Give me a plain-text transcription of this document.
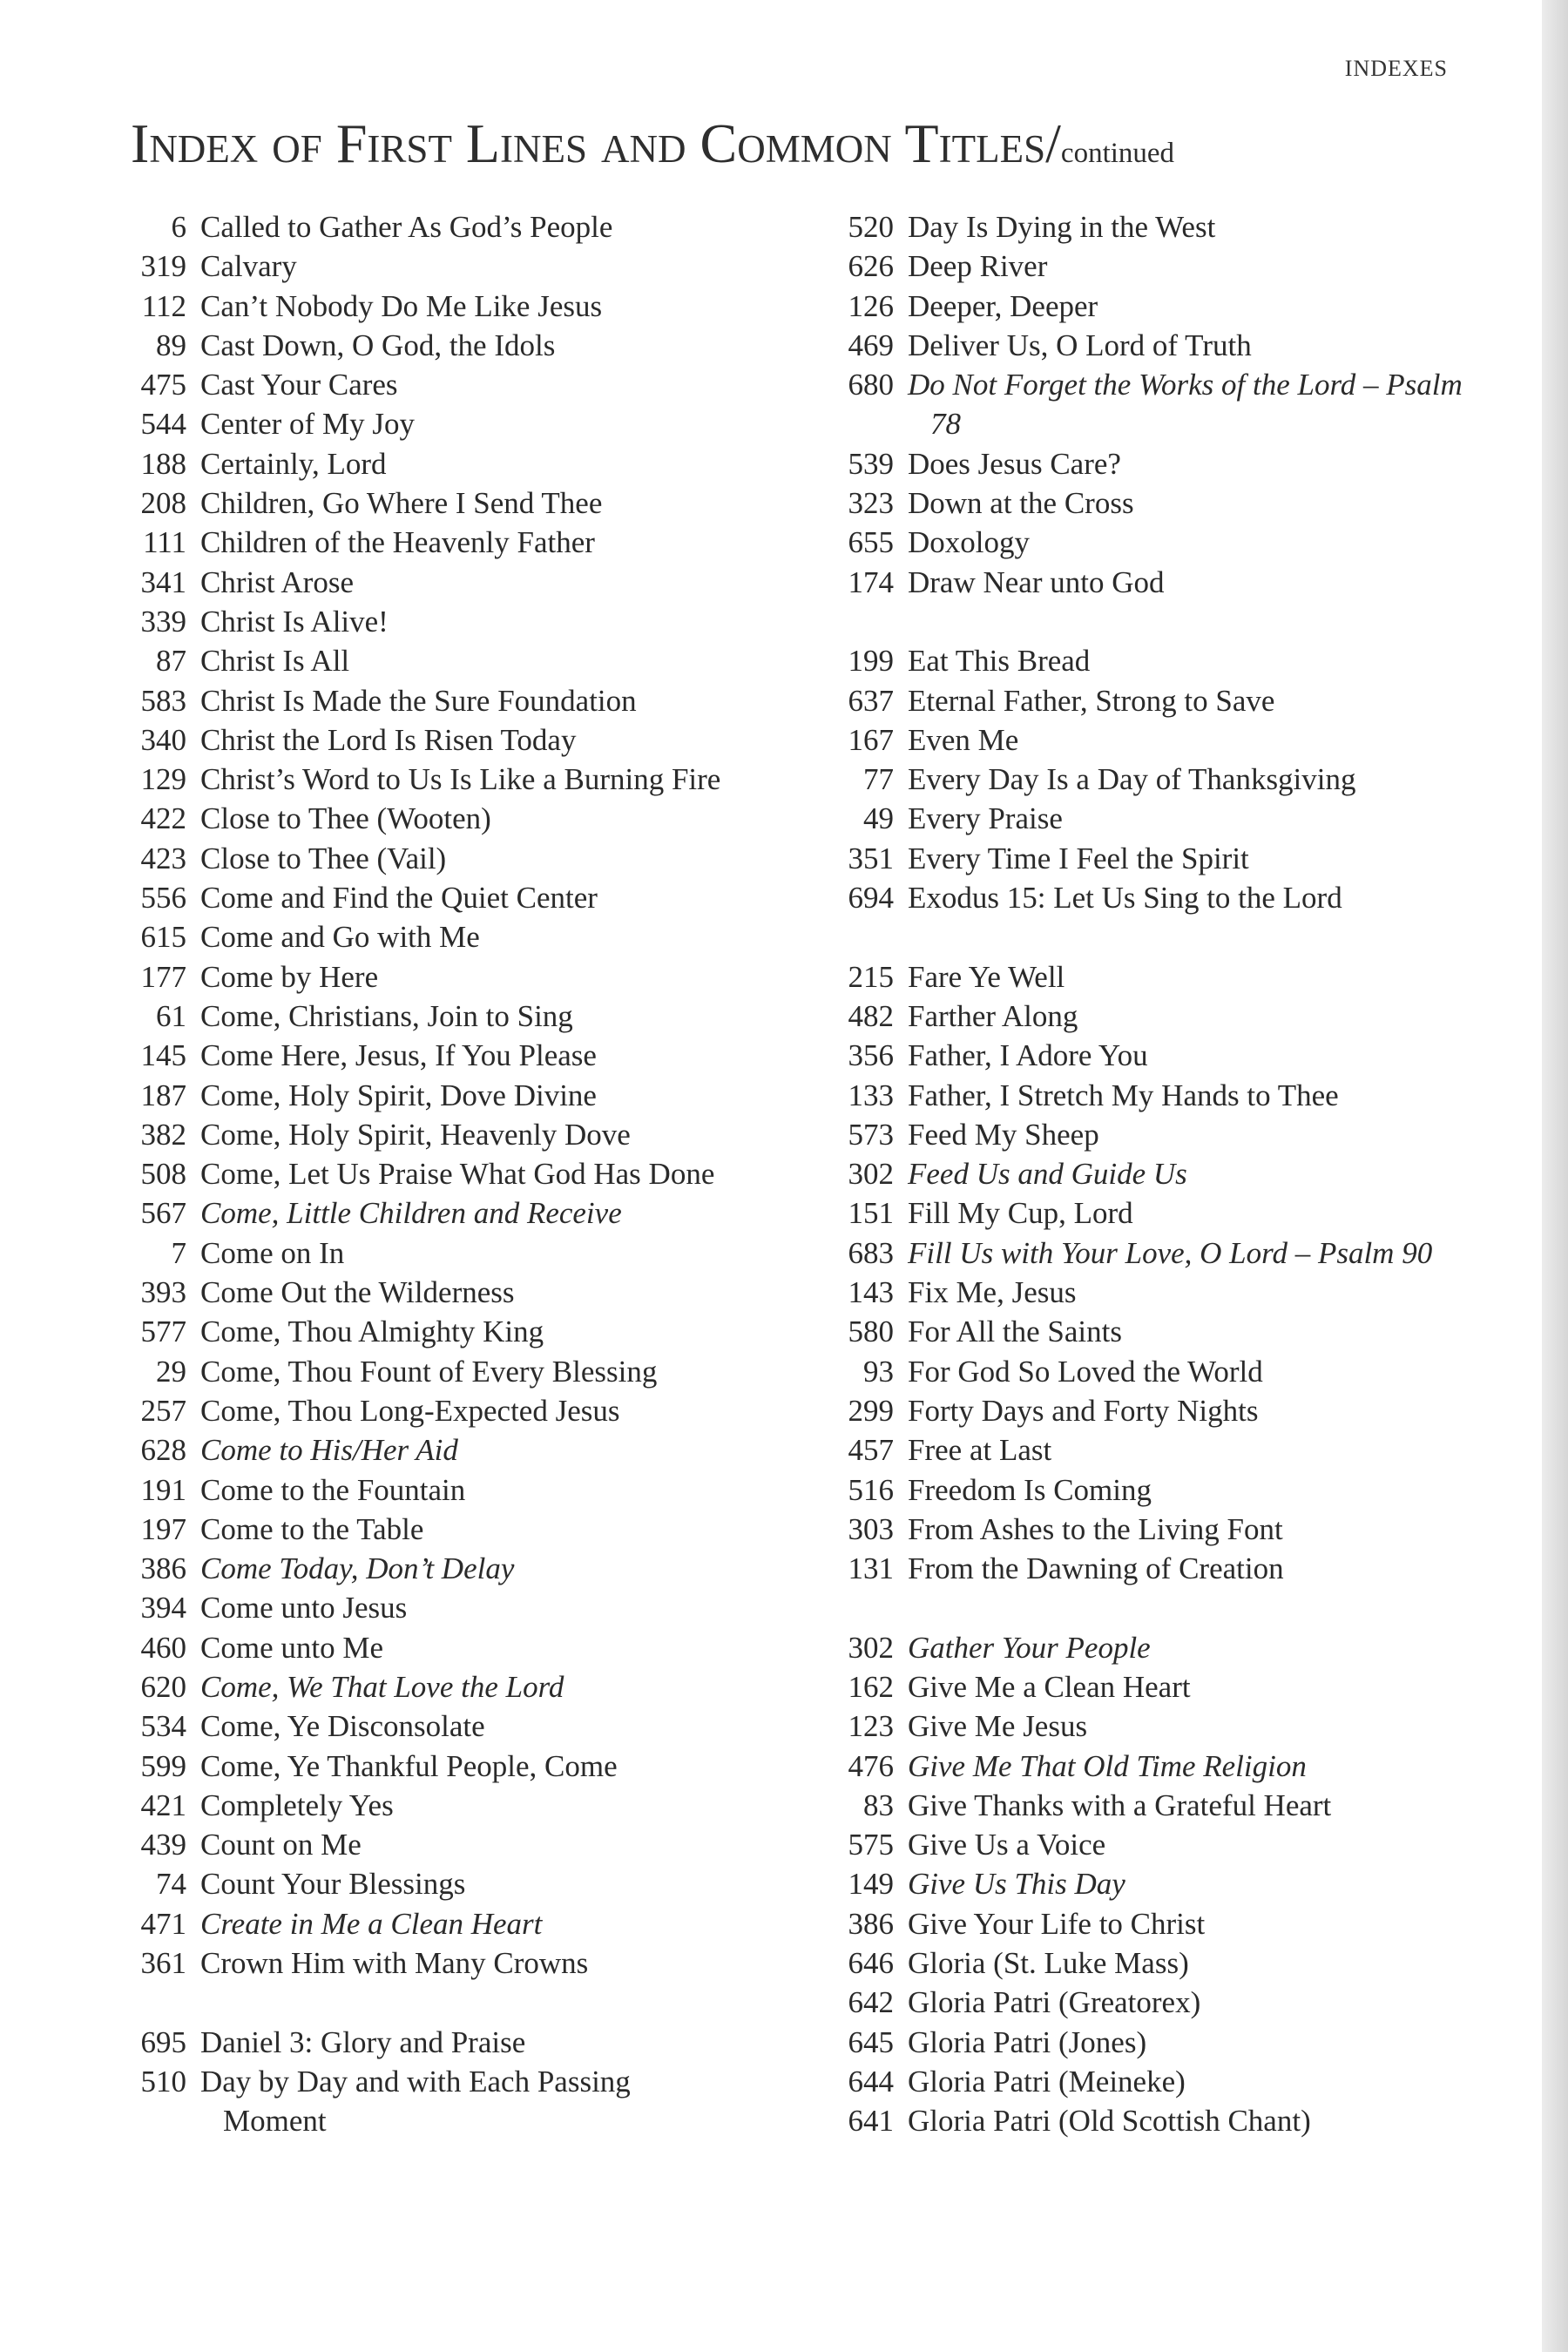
INDEXES
Index of First Lines and Common Titles/continued
6 Called to Gather As God’s People
319 Calvary
112 Can’t Nobody Do Me Like Jesus
89 Cast Down, O God, the Idols
475 Cast Your Cares
544 Center of My Joy
188 Certainly, Lord
208 Children, Go Where I Send Thee
111 Children of the Heavenly Father
341 Christ Arose
339 Christ Is Alive!
87 Christ Is All
583 Christ Is Made the Sure Foundation
340 Christ the Lord Is Risen Today
129 Christ’s Word to Us Is Like a Burning Fire
422 Close to Thee (Wooten)
423 Close to Thee (Vail)
556 Come and Find the Quiet Center
615 Come and Go with Me
177 Come by Here
61 Come, Christians, Join to Sing
145 Come Here, Jesus, If You Please
187 Come, Holy Spirit, Dove Divine
382 Come, Holy Spirit, Heavenly Dove
508 Come, Let Us Praise What God Has Done
567 Come, Little Children and Receive
7 Come on In
393 Come Out the Wilderness
577 Come, Thou Almighty King
29 Come, Thou Fount of Every Blessing
257 Come, Thou Long-Expected Jesus
628 Come to His/Her Aid
191 Come to the Fountain
197 Come to the Table
386 Come Today, Don’t Delay
394 Come unto Jesus
460 Come unto Me
620 Come, We That Love the Lord
534 Come, Ye Disconsolate
599 Come, Ye Thankful People, Come
421 Completely Yes
439 Count on Me
74 Count Your Blessings
471 Create in Me a Clean Heart
361 Crown Him with Many Crowns
695 Daniel 3: Glory and Praise
510 Day by Day and with Each Passing Moment
520 Day Is Dying in the West
626 Deep River
126 Deeper, Deeper
469 Deliver Us, O Lord of Truth
680 Do Not Forget the Works of the Lord – Psalm 78
539 Does Jesus Care?
323 Down at the Cross
655 Doxology
174 Draw Near unto God
199 Eat This Bread
637 Eternal Father, Strong to Save
167 Even Me
77 Every Day Is a Day of Thanksgiving
49 Every Praise
351 Every Time I Feel the Spirit
694 Exodus 15: Let Us Sing to the Lord
215 Fare Ye Well
482 Farther Along
356 Father, I Adore You
133 Father, I Stretch My Hands to Thee
573 Feed My Sheep
302 Feed Us and Guide Us
151 Fill My Cup, Lord
683 Fill Us with Your Love, O Lord – Psalm 90
143 Fix Me, Jesus
580 For All the Saints
93 For God So Loved the World
299 Forty Days and Forty Nights
457 Free at Last
516 Freedom Is Coming
303 From Ashes to the Living Font
131 From the Dawning of Creation
302 Gather Your People
162 Give Me a Clean Heart
123 Give Me Jesus
476 Give Me That Old Time Religion
83 Give Thanks with a Grateful Heart
575 Give Us a Voice
149 Give Us This Day
386 Give Your Life to Christ
646 Gloria (St. Luke Mass)
642 Gloria Patri (Greatorex)
645 Gloria Patri (Jones)
644 Gloria Patri (Meineke)
641 Gloria Patri (Old Scottish Chant)
